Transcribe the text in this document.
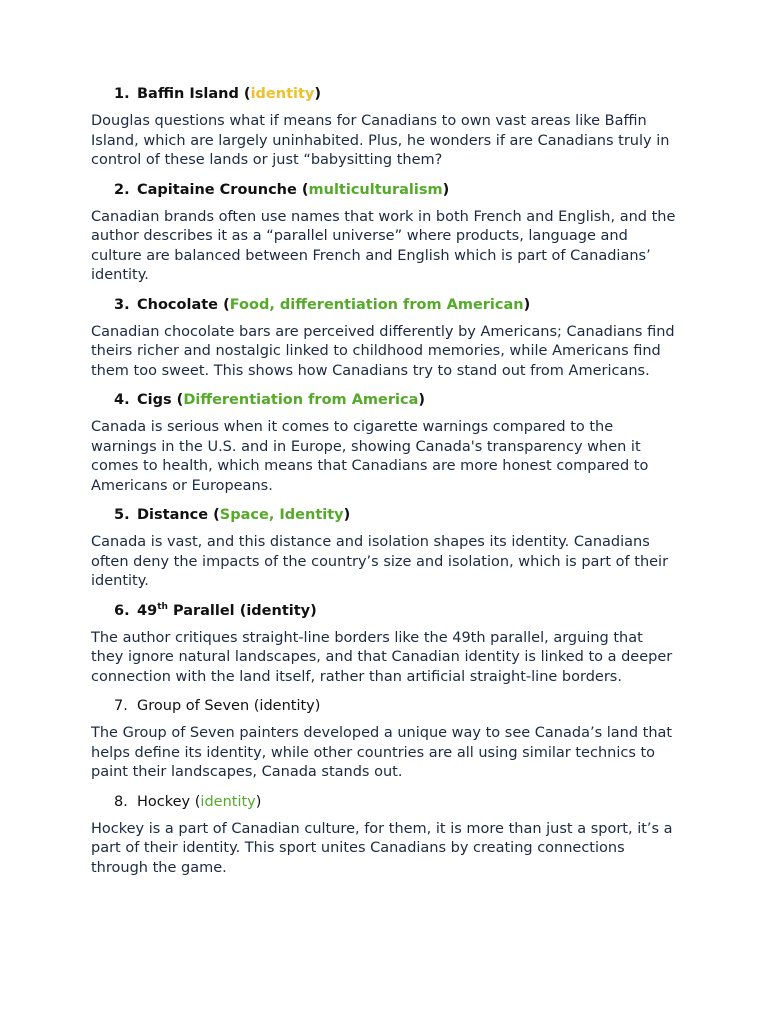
1. Baffin Island (identity)

Douglas questions what if means for Canadians to own vast areas like Baffin Island, which are largely uninhabited. Plus, he wonders if are Canadians truly in control of these lands or just “babysitting them?

2. Capitaine Crounche (multiculturalism)

Canadian brands often use names that work in both French and English, and the author describes it as a “parallel universe” where products, language and culture are balanced between French and English which is part of Canadians’ identity.

3. Chocolate (Food, differentiation from American)

Canadian chocolate bars are perceived differently by Americans; Canadians find theirs richer and nostalgic linked to childhood memories, while Americans find them too sweet. This shows how Canadians try to stand out from Americans.

4. Cigs (Differentiation from America)

Canada is serious when it comes to cigarette warnings compared to the warnings in the U.S. and in Europe, showing Canada's transparency when it comes to health, which means that Canadians are more honest compared to Americans or Europeans.

5. Distance (Space, Identity)

Canada is vast, and this distance and isolation shapes its identity. Canadians often deny the impacts of the country’s size and isolation, which is part of their identity.

6. 49th Parallel (identity)

The author critiques straight-line borders like the 49th parallel, arguing that they ignore natural landscapes, and that Canadian identity is linked to a deeper connection with the land itself, rather than artificial straight-line borders.

7. Group of Seven (identity)

The Group of Seven painters developed a unique way to see Canada’s land that helps define its identity, while other countries are all using similar technics to paint their landscapes, Canada stands out.

8. Hockey (identity)

Hockey is a part of Canadian culture, for them, it is more than just a sport, it’s a part of their identity. This sport unites Canadians by creating connections through the game.
